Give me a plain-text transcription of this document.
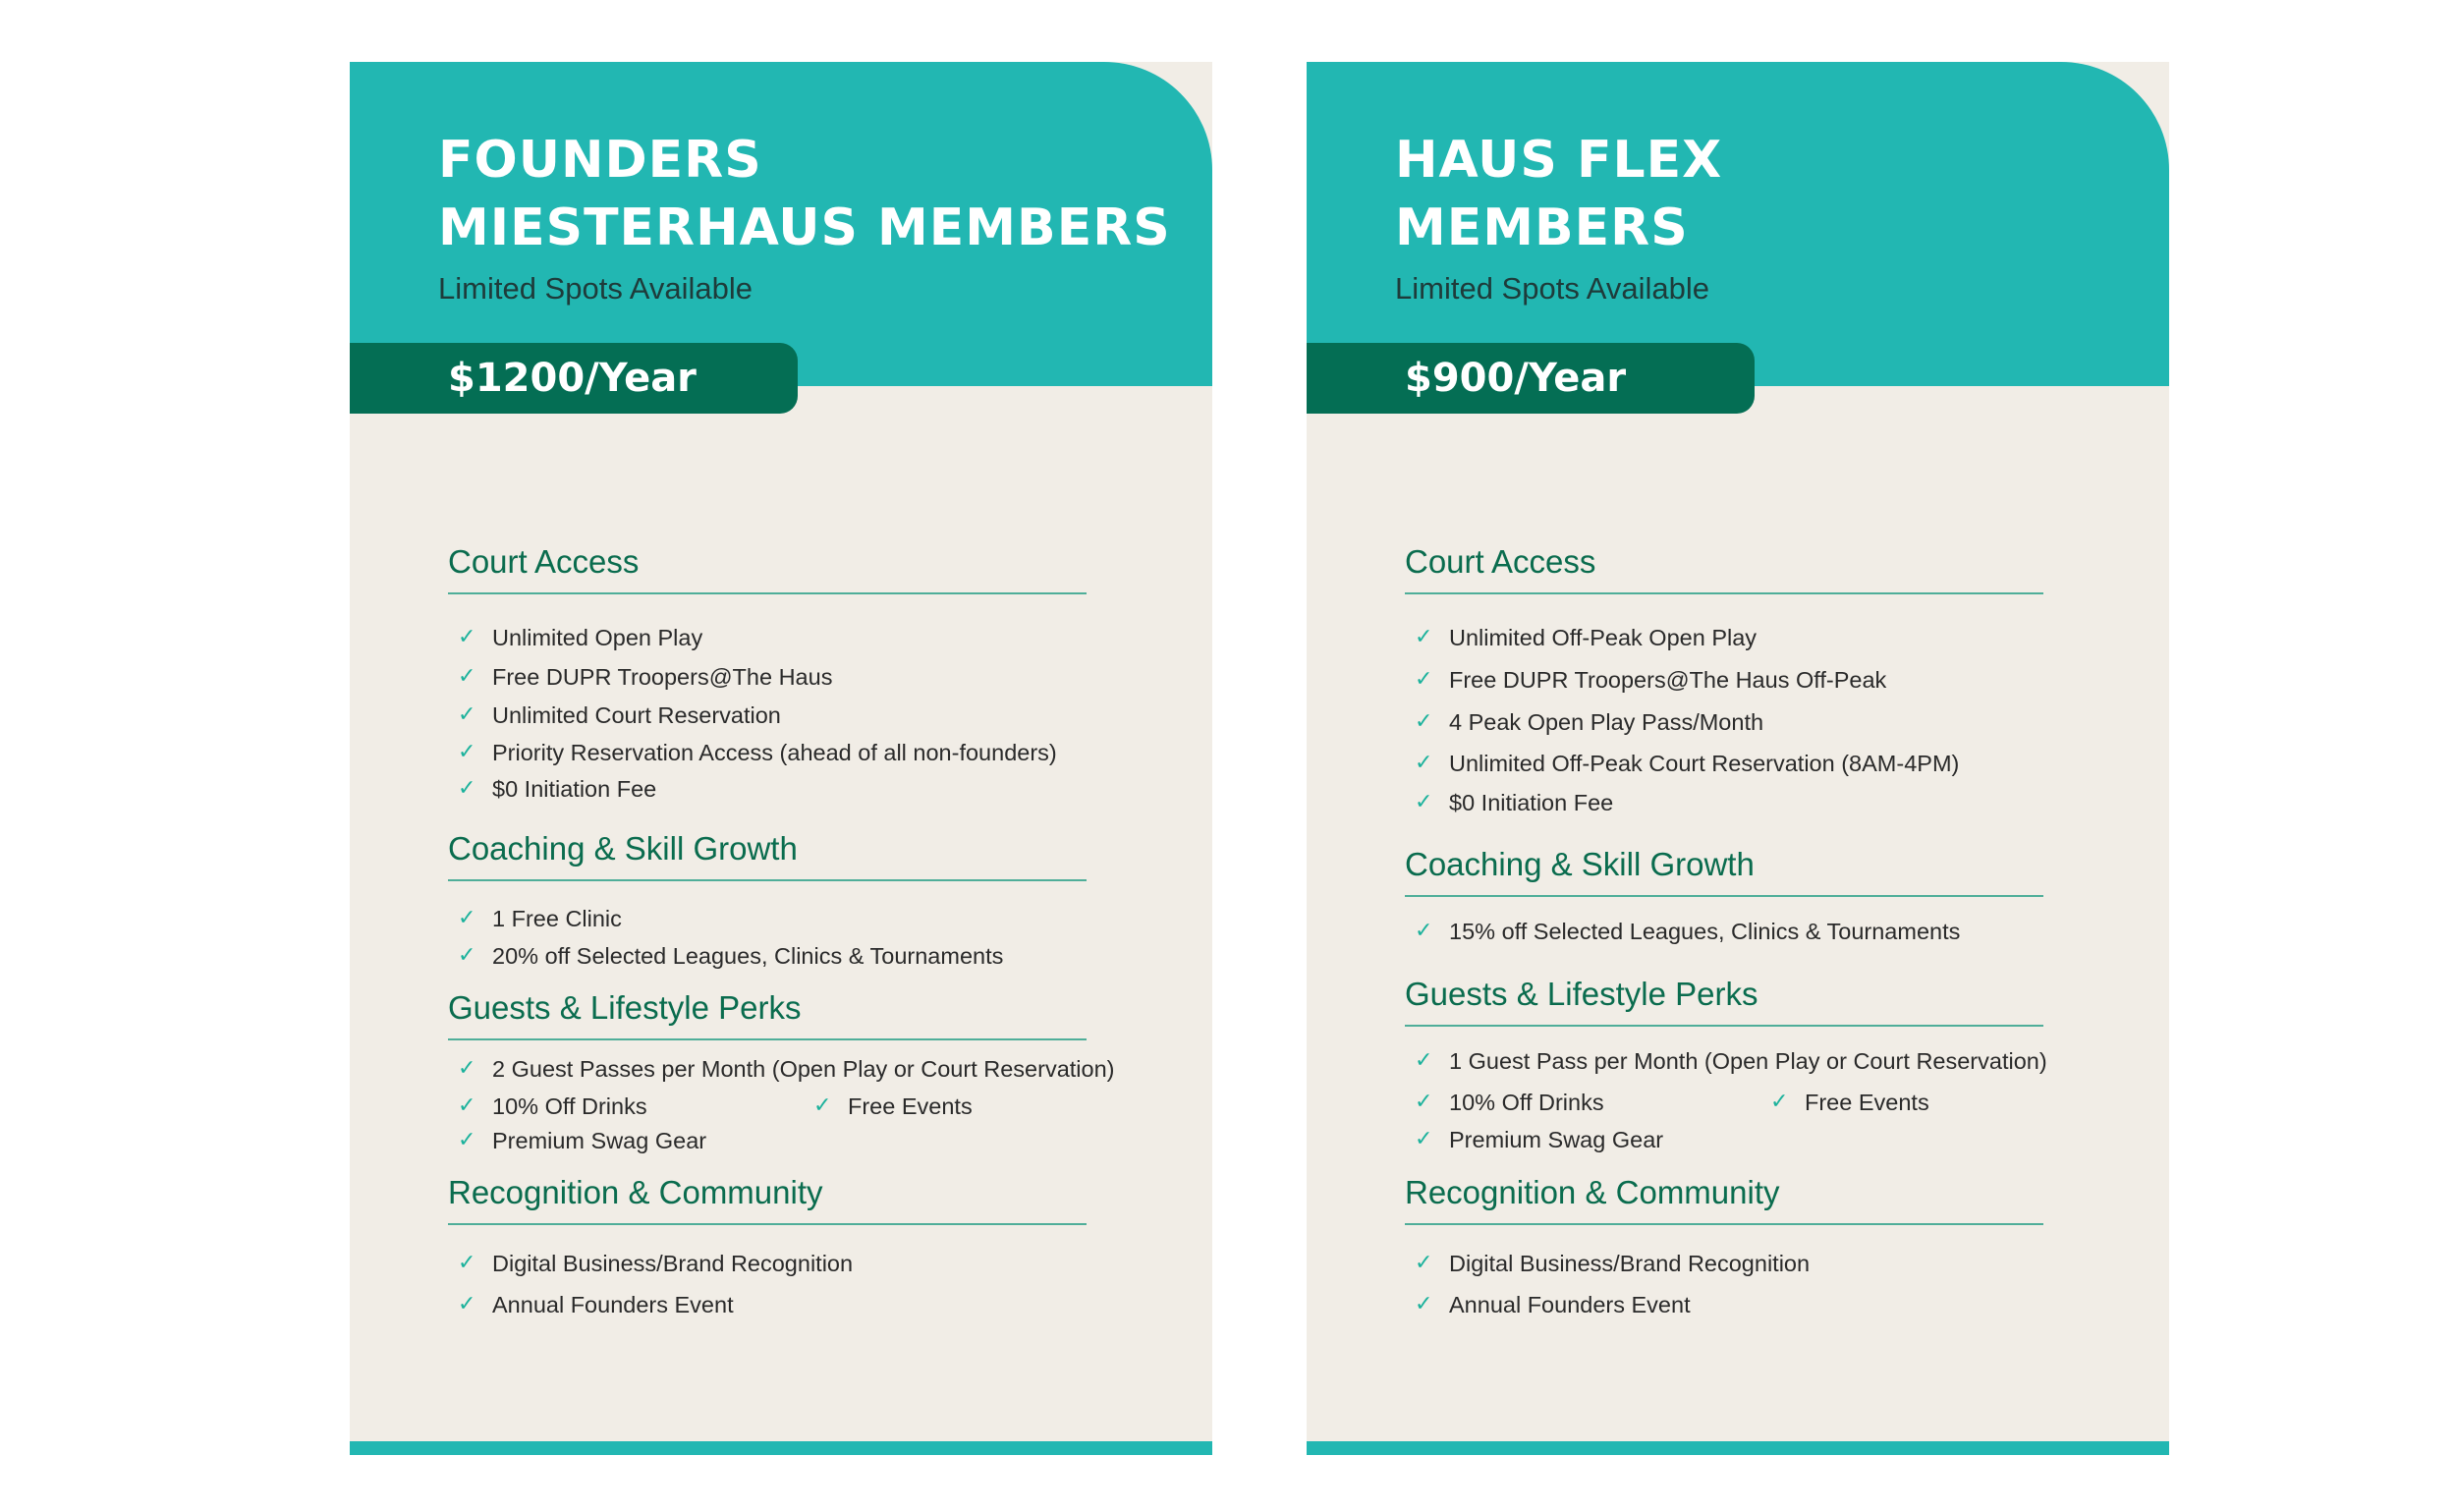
FOUNDERS
MIESTERHAUS MEMBERS
Limited Spots Available
$1200/Year
Court Access
✓ Unlimited Open Play
✓ Free DUPR Troopers@The Haus
✓ Unlimited Court Reservation
✓ Priority Reservation Access (ahead of all non-founders)
✓ $0 Initiation Fee
Coaching & Skill Growth
✓ 1 Free Clinic
✓ 20% off Selected Leagues, Clinics & Tournaments
Guests & Lifestyle Perks
✓ 2 Guest Passes per Month (Open Play or Court Reservation)
✓ 10% Off Drinks	✓ Free Events
✓ Premium Swag Gear
Recognition & Community
✓ Digital Business/Brand Recognition
✓ Annual Founders Event
HAUS FLEX
MEMBERS
Limited Spots Available
$900/Year
Court Access
✓ Unlimited Off-Peak Open Play
✓ Free DUPR Troopers@The Haus Off-Peak
✓ 4 Peak Open Play Pass/Month
✓ Unlimited Off-Peak Court Reservation (8AM-4PM)
✓ $0 Initiation Fee
Coaching & Skill Growth
✓ 15% off Selected Leagues, Clinics & Tournaments
Guests & Lifestyle Perks
✓ 1 Guest Pass per Month (Open Play or Court Reservation)
✓ 10% Off Drinks	✓ Free Events
✓ Premium Swag Gear
Recognition & Community
✓ Digital Business/Brand Recognition
✓ Annual Founders Event
